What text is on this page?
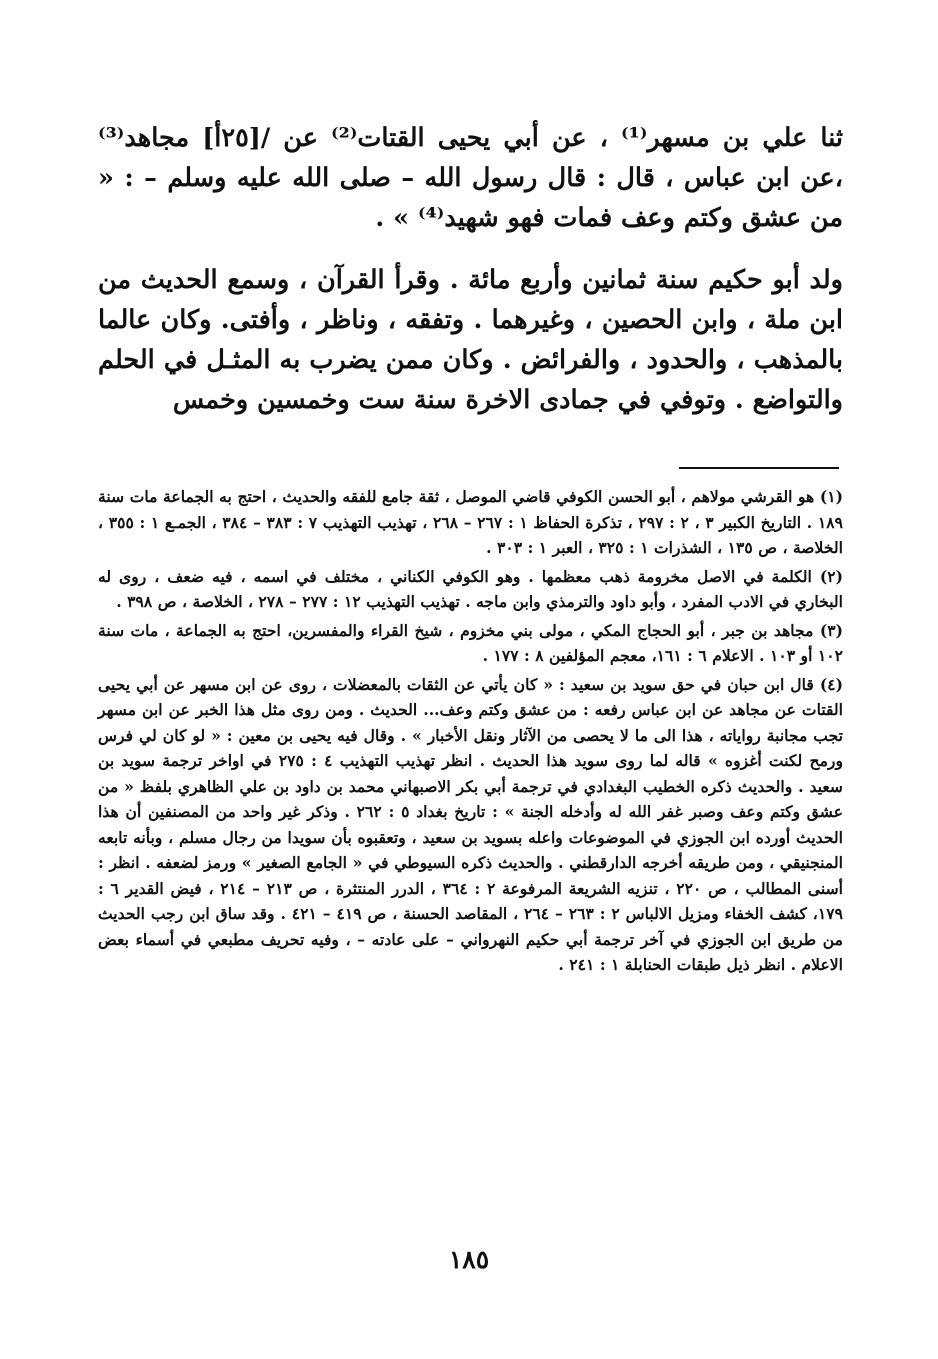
ثنا علي بن مسهر⁽¹⁾ ، عن أبي يحيى القتات⁽²⁾ عن /[٢٥أ] مجاهد⁽³⁾ ،عن ابن عباس ، قال : قال رسول الله – صلى الله عليه وسلم – : « من عشق وكتم وعف فمات فهو شهيد⁽⁴⁾ » .

ولد أبو حكيم سنة ثمانين وأربع مائة . وقرأ القرآن ، وسمع الحديث من ابن ملة ، وابن الحصين ، وغيرهما . وتفقه ، وناظر ، وأفتى. وكان عالما بالمذهب ، والحدود ، والفرائض . وكان ممن يضرب به المثـل في الحلم والتواضع . وتوفي في جمادى الاخرة سنة ست وخمسين وخمس

(١) هو القرشي مولاهم ، أبو الحسن الكوفي قاضي الموصل ، ثقة جامع للفقه والحديث ، احتج به الجماعة مات سنة ١٨٩ . التاريخ الكبير ٣ ، ٢ : ٢٩٧ ، تذكرة الحفاظ ١ : ٢٦٧ – ٢٦٨ ، تهذيب التهذيب ٧ : ٣٨٣ – ٣٨٤ ، الجمـع ١ : ٣٥٥ ، الخلاصة ، ص ١٣٥ ، الشذرات ١ : ٣٢٥ ، العبر ١ : ٣٠٣ .

(٢) الكلمة في الاصل مخرومة ذهب معظمها . وهو الكوفي الكناني ، مختلف في اسمه ، فيه ضعف ، روى له البخاري في الادب المفرد ، وأبو داود والترمذي وابن ماجه . تهذيب التهذيب ١٢ : ٢٧٧ – ٢٧٨ ، الخلاصة ، ص ٣٩٨ .

(٣) مجاهد بن جبر ، أبو الحجاج المكي ، مولى بني مخزوم ، شيخ القراء والمفسرين، احتج به الجماعة ، مات سنة ١٠٢ أو ١٠٣ . الاعلام ٦ : ١٦١، معجم المؤلفين ٨ : ١٧٧ .

(٤) قال ابن حبان في حق سويد بن سعيد : « كان يأتي عن الثقات بالمعضلات ، روى عن ابن مسهر عن أبي يحيى القتات عن مجاهد عن ابن عباس رفعه : من عشق وكتم وعف... الحديث . ومن روى مثل هذا الخبر عن ابن مسهر تجب مجانبة رواياته ، هذا الى ما لا يحصى من الآثار ونقل الأخبار » . وقال فيه يحيى بن معين : « لو كان لي فرس ورمح لكنت أغزوه » قاله لما روى سويد هذا الحديث . انظر تهذيب التهذيب ٤ : ٢٧٥ في اواخر ترجمة سويد بن سعيد . والحديث ذكره الخطيب البغدادي في ترجمة أبي بكر الاصبهاني محمد بن داود بن علي الظاهري بلفظ « من عشق وكتم وعف وصبر غفر الله له وأدخله الجنة » : تاريخ بغداد ٥ : ٢٦٢ . وذكر غير واحد من المصنفين أن هذا الحديث أورده ابن الجوزي في الموضوعات واعله بسويد بن سعيد ، وتعقبوه بأن سويدا من رجال مسلم ، وبأنه تابعه المنجنيقي ، ومن طريقه أخرجه الدارقطني . والحديث ذكره السيوطي في « الجامع الصغير » ورمز لضعفه . انظر : أسنى المطالب ، ص ٢٢٠ ، تنزيه الشريعة المرفوعة ٢ : ٣٦٤ ، الدرر المنتثرة ، ص ٢١٣ – ٢١٤ ، فيض القدير ٦ : ١٧٩، كشف الخفاء ومزيل الالباس ٢ : ٢٦٣ – ٢٦٤ ، المقاصد الحسنة ، ص ٤١٩ – ٤٢١ . وقد ساق ابن رجب الحديث من طريق ابن الجوزي في آخر ترجمة أبي حكيم النهرواني – على عادته – ، وفيه تحريف مطبعي في أسماء بعض الاعلام . انظر ذيل طبقات الحنابلة ١ : ٢٤١ .

١٨٥
